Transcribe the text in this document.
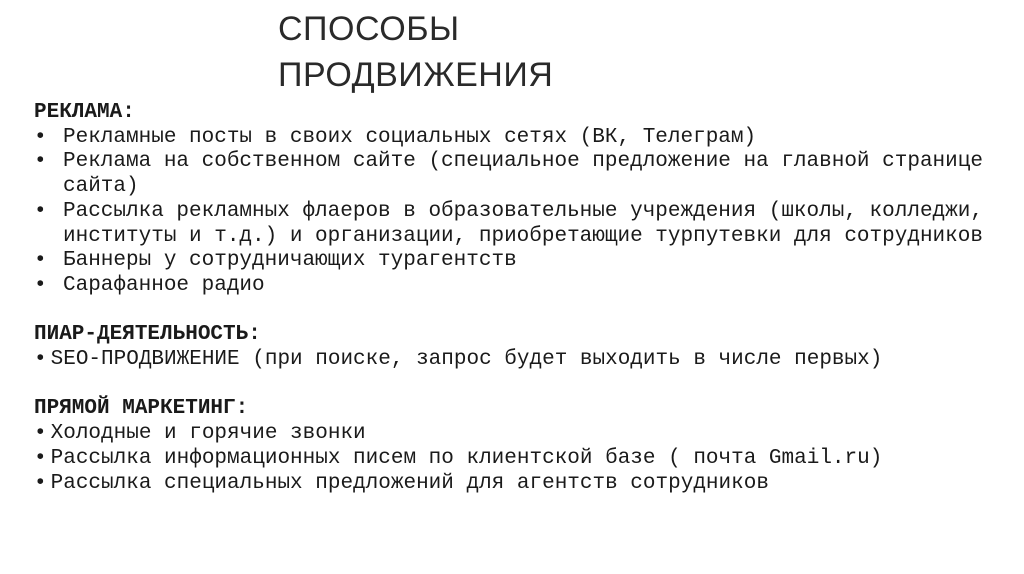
СПОСОБЫ
ПРОДВИЖЕНИЯ
РЕКЛАМА:
• Рекламные посты в своих социальных сетях (ВК, Телеграм)
• Реклама на собственном сайте (специальное предложение на главной странице сайта)
• Рассылка рекламных флаеров в образовательные учреждения (школы, колледжи, институты и т.д.) и организации, приобретающие турпутевки для сотрудников
• Баннеры у сотрудничающих турагентств
• Сарафанное радио
ПИАР-ДЕЯТЕЛЬНОСТЬ:
• SEO-ПРОДВИЖЕНИЕ (при поиске, запрос будет выходить в числе первых)
ПРЯМОЙ МАРКЕТИНГ:
• Холодные и горячие звонки
• Рассылка информационных писем по клиентской базе ( почта Gmail.ru)
• Рассылка специальных предложений для агентств сотрудников
